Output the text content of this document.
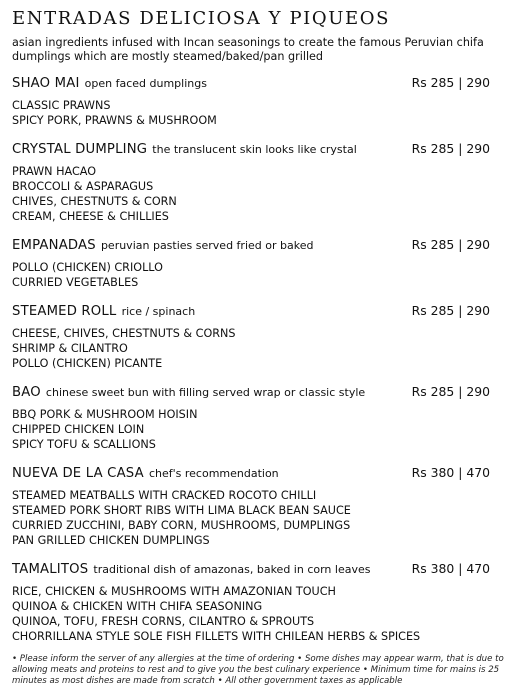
ENTRADAS DELICIOSA Y PIQUEOS

asian ingredients infused with Incan seasonings to create the famous Peruvian chifa dumplings which are mostly steamed/baked/pan grilled

SHAO MAI open faced dumplings	Rs 285 | 290
CLASSIC PRAWNS
SPICY PORK, PRAWNS & MUSHROOM
CRYSTAL DUMPLING the translucent skin looks like crystal	Rs 285 | 290
PRAWN HACAO
BROCCOLI & ASPARAGUS
CHIVES, CHESTNUTS & CORN
CREAM, CHEESE & CHILLIES
EMPANADAS peruvian pasties served fried or baked	Rs 285 | 290
POLLO (CHICKEN) CRIOLLO
CURRIED VEGETABLES
STEAMED ROLL rice / spinach	Rs 285 | 290
CHEESE, CHIVES, CHESTNUTS & CORNS
SHRIMP & CILANTRO
POLLO (CHICKEN) PICANTE
BAO chinese sweet bun with filling served wrap or classic style	Rs 285 | 290
BBQ PORK & MUSHROOM HOISIN
CHIPPED CHICKEN LOIN
SPICY TOFU & SCALLIONS
NUEVA DE LA CASA chef's recommendation	Rs 380 | 470
STEAMED MEATBALLS WITH CRACKED ROCOTO CHILLI
STEAMED PORK SHORT RIBS WITH LIMA BLACK BEAN SAUCE
CURRIED ZUCCHINI, BABY CORN, MUSHROOMS, DUMPLINGS
PAN GRILLED CHICKEN DUMPLINGS
TAMALITOS traditional dish of amazonas, baked in corn leaves	Rs 380 | 470
RICE, CHICKEN & MUSHROOMS WITH AMAZONIAN TOUCH
QUINOA & CHICKEN WITH CHIFA SEASONING
QUINOA, TOFU, FRESH CORNS, CILANTRO & SPROUTS
CHORRILLANA STYLE SOLE FISH FILLETS WITH CHILEAN HERBS & SPICES
• Please inform the server of any allergies at the time of ordering • Some dishes may appear warm, that is due to allowing meats and proteins to rest and to give you the best culinary experience • Minimum time for mains is 25 minutes as most dishes are made from scratch • All other government taxes as applicable
